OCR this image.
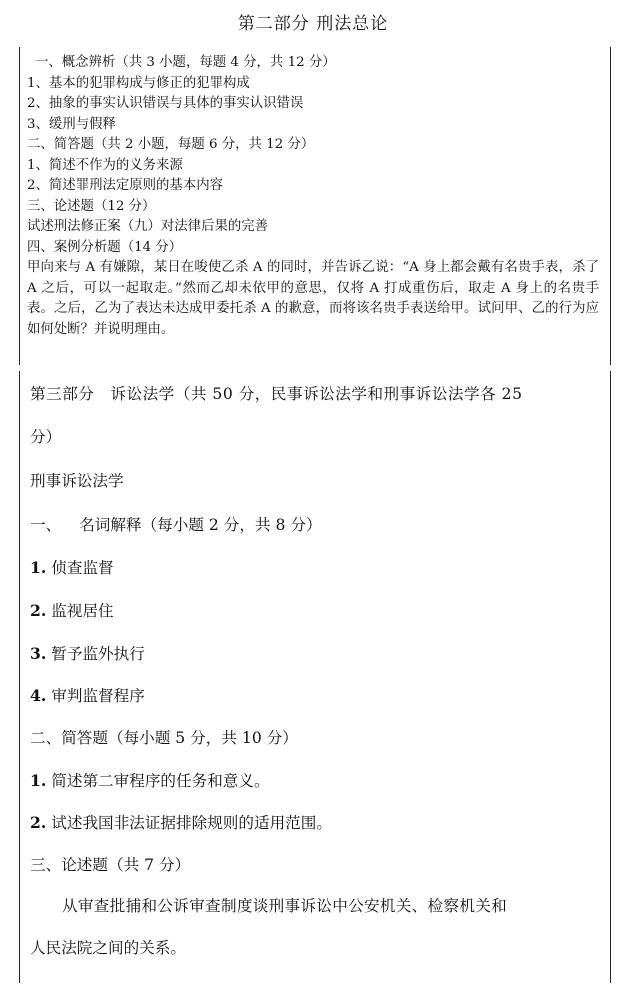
第二部分 刑法总论
一、概念辨析（共 3 小题，每题 4 分，共 12 分）
1、基本的犯罪构成与修正的犯罪构成
2、抽象的事实认识错误与具体的事实认识错误
3、缓刑与假释
二、简答题（共 2 小题，每题 6 分，共 12 分）
1、简述不作为的义务来源
2、简述罪刑法定原则的基本内容
三、论述题（12 分）
试述刑法修正案（九）对法律后果的完善
四、案例分析题（14 分）
甲向来与 A 有嫌隙，某日在唆使乙杀 A 的同时，并告诉乙说：“A 身上都会戴有名贵手表，杀了 A 之后，可以一起取走。”然而乙却未依甲的意思，仅将 A 打成重伤后，取走 A 身上的名贵手表。之后，乙为了表达未达成甲委托杀 A 的歉意，而将该名贵手表送给甲。试问甲、乙的行为应如何处断？并说明理由。
第三部分 诉讼法学（共 50 分，民事诉讼法学和刑事诉讼法学各 25
分）
刑事诉讼法学
一、 名词解释（每小题 2 分，共 8 分）
1. 侦查监督
2. 监视居住
3. 暂予监外执行
4. 审判监督程序
二、简答题（每小题 5 分，共 10 分）
1. 简述第二审程序的任务和意义。
2. 试述我国非法证据排除规则的适用范围。
三、论述题（共 7 分）
从审查批捕和公诉审查制度谈刑事诉讼中公安机关、检察机关和
人民法院之间的关系。
